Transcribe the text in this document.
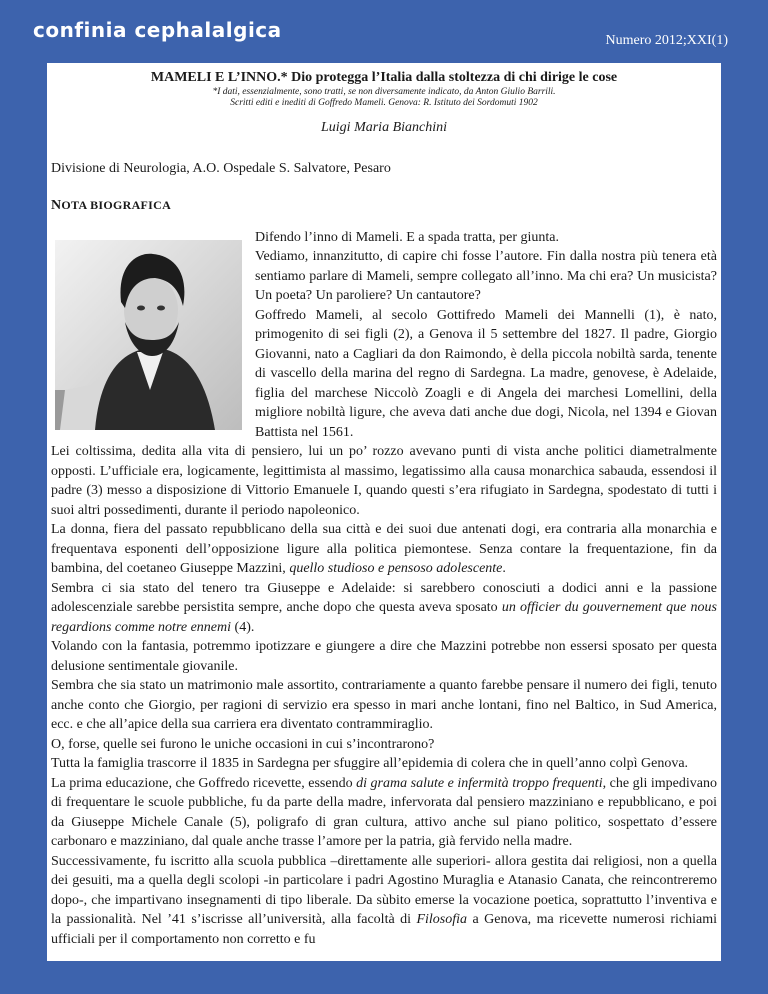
confinia cephalalgica	Numero 2012;XXI(1)

MAMELI E L’INNO.* Dio protegga l’Italia dalla stoltezza di chi dirige le cose

*I dati, essenzialmente, sono tratti, se non diversamente indicato, da Anton Giulio Barrili.

Scritti editi e inediti di Goffredo Mameli. Genova: R. Istituto dei Sordomuti 1902

Luigi Maria Bianchini

Divisione di Neurologia, A.O. Ospedale S. Salvatore, Pesaro

NOTA BIOGRAFICA

Difendo l’inno di Mameli. E a spada tratta, per giunta.

Vediamo, innanzitutto, di capire chi fosse l’autore. Fin dalla nostra più tenera età sentiamo parlare di Mameli, sempre collegato all’inno. Ma chi era? Un musicista? Un poeta? Un paroliere? Un cantautore?

Goffredo Mameli, al secolo Gottifredo Mameli dei Mannelli (1), è nato, primogenito di sei figli (2), a Genova il 5 settembre del 1827. Il padre, Giorgio Giovanni, nato a Cagliari da don Raimondo, è della piccola nobiltà sarda, tenente di vascello della marina del regno di Sardegna. La madre, genovese, è Adelaide, figlia del marchese Niccolò Zoagli e di Angela dei marchesi Lomellini, della migliore nobiltà ligure, che aveva dati anche due dogi, Nicola, nel 1394 e Giovan Battista nel 1561.

Lei coltissima, dedita alla vita di pensiero, lui un po’ rozzo avevano punti di vista anche politici diametralmente opposti. L’ufficiale era, logicamente, legittimista al massimo, legatissimo alla causa monarchica sabauda, essendosi il padre (3) messo a disposizione di Vittorio Emanuele I, quando questi s’era rifugiato in Sardegna, spodestato di tutti i suoi altri possedimenti, durante il periodo napoleonico.

La donna, fiera del passato repubblicano della sua città e dei suoi due antenati dogi, era contraria alla monarchia e frequentava esponenti dell’opposizione ligure alla politica piemontese. Senza contare la frequentazione, fin da bambina, del coetaneo Giuseppe Mazzini, quello studioso e pensoso adolescente.

Sembra ci sia stato del tenero tra Giuseppe e Adelaide: si sarebbero conosciuti a dodici anni e la passione adolescenziale sarebbe persistita sempre, anche dopo che questa aveva sposato un officier du gouvernement que nous regardions comme notre ennemi (4).

Volando con la fantasia, potremmo ipotizzare e giungere a dire che Mazzini potrebbe non essersi sposato per questa delusione sentimentale giovanile.

Sembra che sia stato un matrimonio male assortito, contrariamente a quanto farebbe pensare il numero dei figli, tenuto anche conto che Giorgio, per ragioni di servizio era spesso in mari anche lontani, fino nel Baltico, in Sud America, ecc. e che all’apice della sua carriera era diventato contrammiraglio.

O, forse, quelle sei furono le uniche occasioni in cui s’incontrarono?

Tutta la famiglia trascorre il 1835 in Sardegna per sfuggire all’epidemia di colera che in quell’anno colpì Genova.

La prima educazione, che Goffredo ricevette, essendo di grama salute e infermità troppo frequenti, che gli impedivano di frequentare le scuole pubbliche, fu da parte della madre, infervorata dal pensiero mazziniano e repubblicano, e poi da Giuseppe Michele Canale (5), poligrafo di gran cultura, attivo anche sul piano politico, sospettato d’essere carbonaro e mazziniano, dal quale anche trasse l’amore per la patria, già fervido nella madre.

Successivamente, fu iscritto alla scuola pubblica –direttamente alle superiori- allora gestita dai religiosi, non a quella dei gesuiti, ma a quella degli scolopi -in particolare i padri Agostino Muraglia e Atanasio Canata, che reincontreremo dopo-, che impartivano insegnamenti di tipo liberale. Da sùbito emerse la vocazione poetica, soprattutto l’inventiva e la passionalità. Nel ’41 s’iscrisse all’università, alla facoltà di Filosofia a Genova, ma ricevette numerosi richiami ufficiali per il comportamento non corretto e fu
